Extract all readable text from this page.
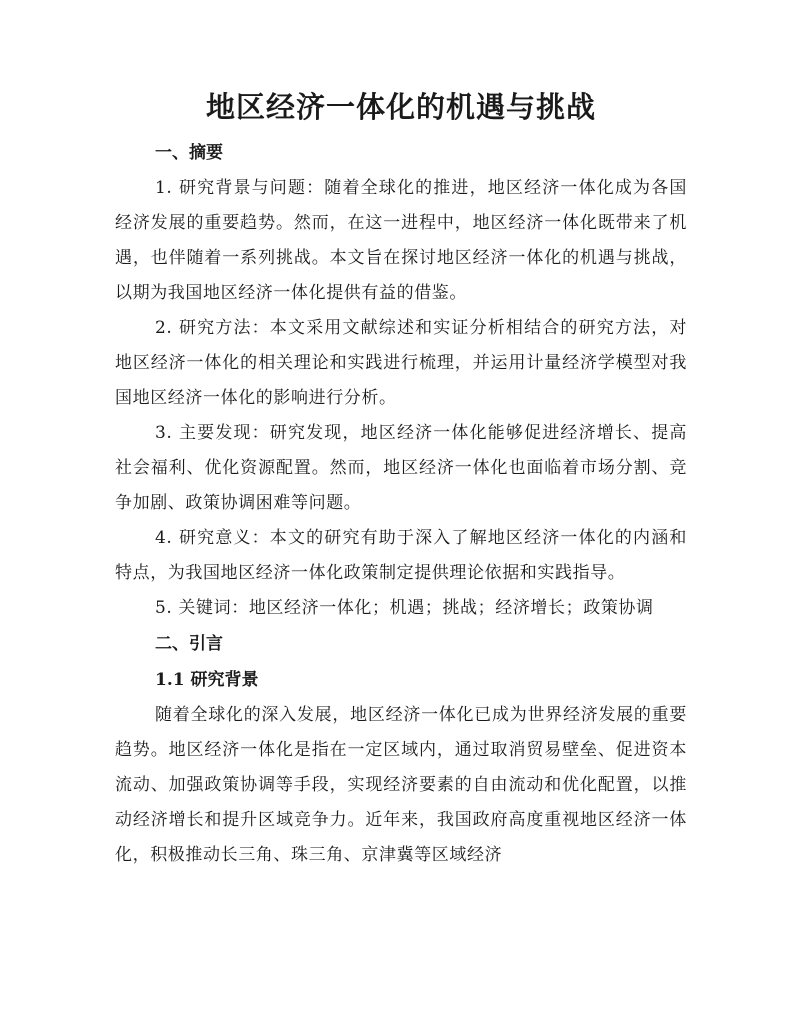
地区经济一体化的机遇与挑战
一、摘要

1. 研究背景与问题：随着全球化的推进，地区经济一体化成为各国经济发展的重要趋势。然而，在这一进程中，地区经济一体化既带来了机遇，也伴随着一系列挑战。本文旨在探讨地区经济一体化的机遇与挑战，以期为我国地区经济一体化提供有益的借鉴。

2. 研究方法：本文采用文献综述和实证分析相结合的研究方法，对地区经济一体化的相关理论和实践进行梳理，并运用计量经济学模型对我国地区经济一体化的影响进行分析。

3. 主要发现：研究发现，地区经济一体化能够促进经济增长、提高社会福利、优化资源配置。然而，地区经济一体化也面临着市场分割、竞争加剧、政策协调困难等问题。

4. 研究意义：本文的研究有助于深入了解地区经济一体化的内涵和特点，为我国地区经济一体化政策制定提供理论依据和实践指导。

5. 关键词：地区经济一体化；机遇；挑战；经济增长；政策协调

二、引言
1.1 研究背景

随着全球化的深入发展，地区经济一体化已成为世界经济发展的重要趋势。地区经济一体化是指在一定区域内，通过取消贸易壁垒、促进资本流动、加强政策协调等手段，实现经济要素的自由流动和优化配置，以推动经济增长和提升区域竞争力。近年来，我国政府高度重视地区经济一体化，积极推动长三角、珠三角、京津冀等区域经济
